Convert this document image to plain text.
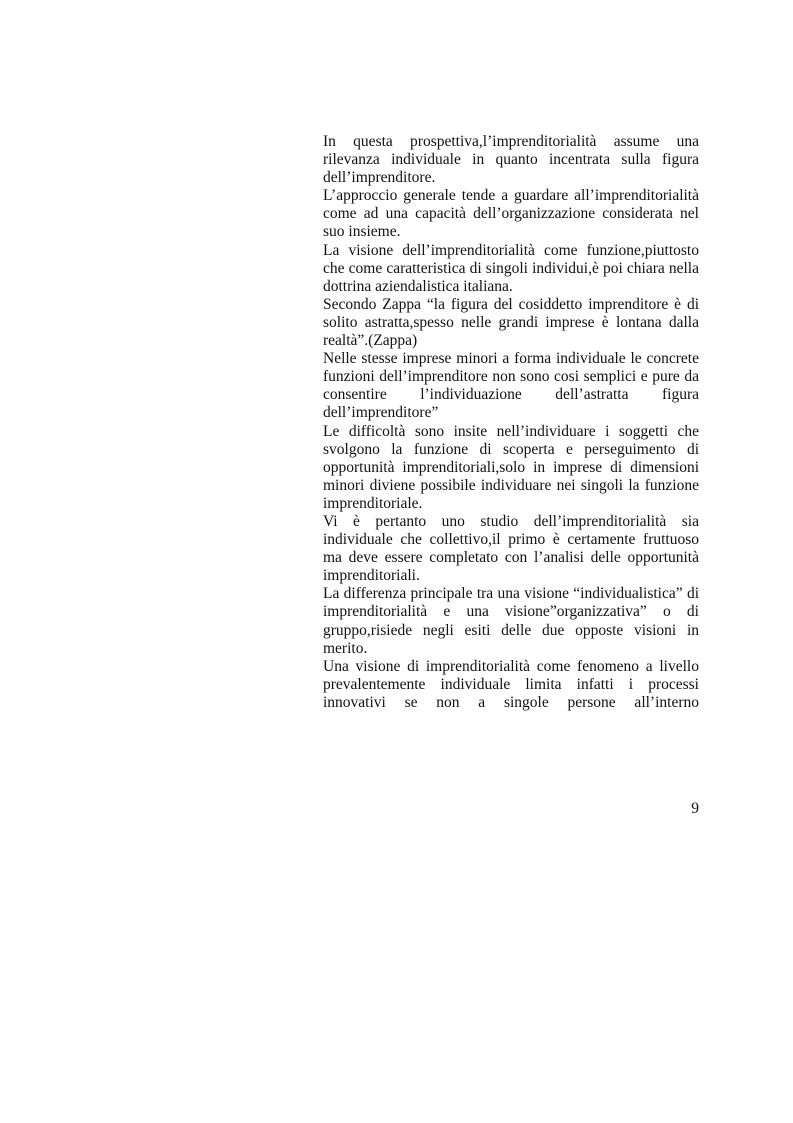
In questa prospettiva,l’imprenditorialità assume una rilevanza individuale in quanto incentrata sulla figura dell’imprenditore.

L’approccio generale tende a guardare all’imprenditorialità come ad una capacità dell’organizzazione considerata nel suo insieme.

La visione dell’imprenditorialità come funzione,piuttosto che come caratteristica di singoli individui,è poi chiara nella dottrina aziendalistica italiana.

Secondo Zappa “la figura del cosiddetto imprenditore è di solito astratta,spesso nelle grandi imprese è lontana dalla realtà”.(Zappa)

Nelle stesse imprese minori a forma individuale le concrete funzioni dell’imprenditore non sono cosi semplici e pure da consentire l’individuazione dell’astratta figura dell’imprenditore”

Le difficoltà sono insite nell’individuare i soggetti che svolgono la funzione di scoperta e perseguimento di opportunità imprenditoriali,solo in imprese di dimensioni minori diviene possibile individuare nei singoli la funzione imprenditoriale.

Vi è pertanto uno studio dell’imprenditorialità sia individuale che collettivo,il primo è certamente fruttuoso ma deve essere completato con l’analisi delle opportunità imprenditoriali.

La differenza principale tra una visione “individualistica” di imprenditorialità e una visione”organizzativa” o di gruppo,risiede negli esiti delle due opposte visioni in merito.

Una visione di imprenditorialità come fenomeno a livello prevalentemente individuale limita infatti i processi innovativi se non a singole persone all’interno

9
